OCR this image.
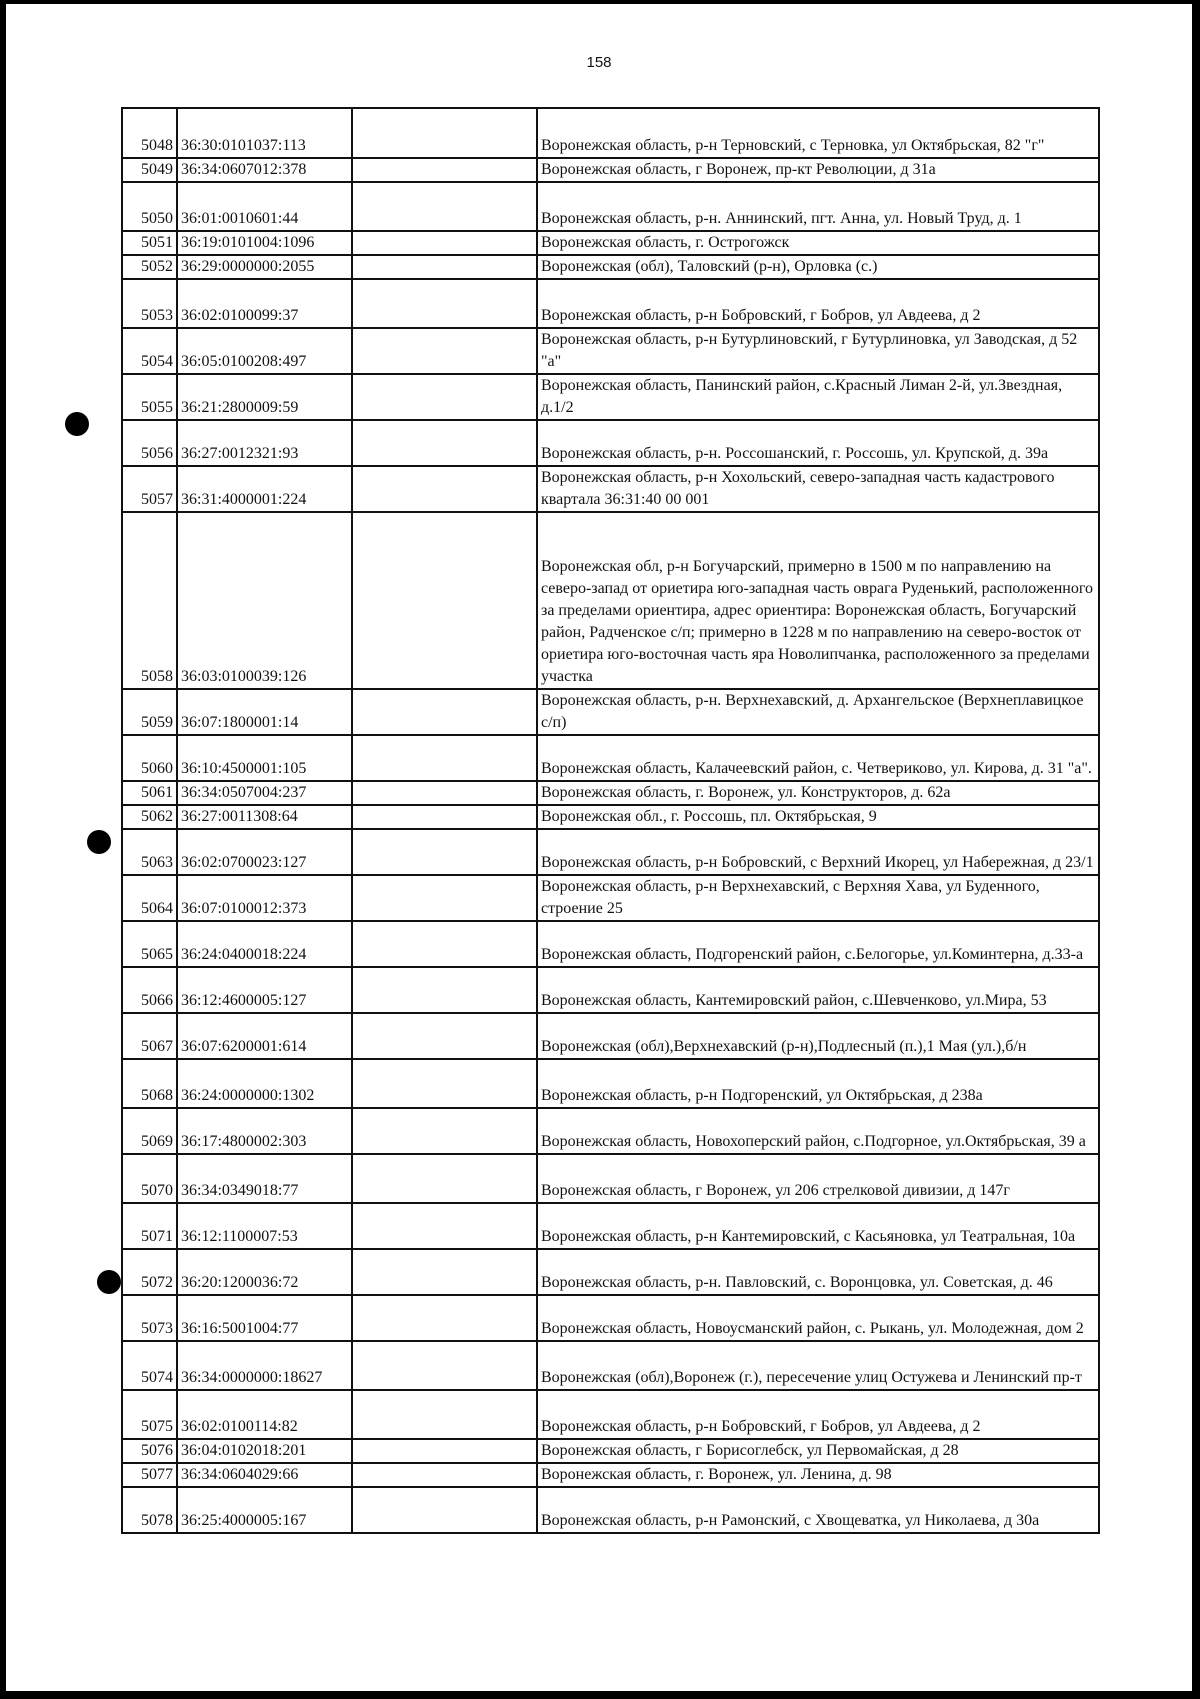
158
5048	36:30:0101037:113		Воронежская область, р-н Терновский, с Терновка, ул Октябрьская, 82 "г"
5049	36:34:0607012:378		Воронежская область, г Воронеж, пр-кт Революции, д 31а
5050	36:01:0010601:44		Воронежская область, р-н. Аннинский, пгт. Анна, ул. Новый Труд, д. 1
5051	36:19:0101004:1096		Воронежская область, г. Острогожск
5052	36:29:0000000:2055		Воронежская (обл), Таловский (р-н), Орловка (с.)
5053	36:02:0100099:37		Воронежская область, р-н Бобровский, г Бобров, ул Авдеева, д 2
5054	36:05:0100208:497		Воронежская область, р-н Бутурлиновский, г Бутурлиновка, ул Заводская, д 52 "а"
5055	36:21:2800009:59		Воронежская область, Панинский район, с.Красный Лиман 2-й, ул.Звездная, д.1/2
5056	36:27:0012321:93		Воронежская область, р-н. Россошанский, г. Россошь, ул. Крупской, д. 39а
5057	36:31:4000001:224		Воронежская область, р-н Хохольский, северо-западная часть кадастрового квартала 36:31:40 00 001
5058	36:03:0100039:126		Воронежская обл, р-н Богучарский, примерно в 1500 м по направлению на северо-запад от ориетира юго-западная часть оврага Руденький, расположенного за пределами ориентира, адрес ориентира: Воронежская область, Богучарский район, Радченское с/п; примерно в 1228 м по направлению на северо-восток от ориетира юго-восточная часть яра Новолипчанка, расположенного за пределами участка
5059	36:07:1800001:14		Воронежская область, р-н. Верхнехавский, д. Архангельское (Верхнеплавицкое с/п)
5060	36:10:4500001:105		Воронежская область, Калачеевский район, с. Четвериково, ул. Кирова, д. 31 "а".
5061	36:34:0507004:237		Воронежская область, г. Воронеж, ул. Конструкторов, д. 62а
5062	36:27:0011308:64		Воронежская обл., г. Россошь, пл. Октябрьская, 9
5063	36:02:0700023:127		Воронежская область, р-н Бобровский, с Верхний Икорец, ул Набережная, д 23/1
5064	36:07:0100012:373		Воронежская область, р-н Верхнехавский, с Верхняя Хава, ул Буденного, строение 25
5065	36:24:0400018:224		Воронежская область, Подгоренский район, с.Белогорье, ул.Коминтерна, д.33-а
5066	36:12:4600005:127		Воронежская область, Кантемировский район, с.Шевченково, ул.Мира, 53
5067	36:07:6200001:614		Воронежская (обл),Верхнехавский (р-н),Подлесный (п.),1 Мая (ул.),б/н
5068	36:24:0000000:1302		Воронежская область, р-н Подгоренский, ул Октябрьская, д 238а
5069	36:17:4800002:303		Воронежская область, Новохоперский район, с.Подгорное, ул.Октябрьская, 39 а
5070	36:34:0349018:77		Воронежская область, г Воронеж, ул 206 стрелковой дивизии, д 147г
5071	36:12:1100007:53		Воронежская область, р-н Кантемировский, с Касьяновка, ул Театральная, 10а
5072	36:20:1200036:72		Воронежская область, р-н. Павловский, с. Воронцовка, ул. Советская, д. 46
5073	36:16:5001004:77		Воронежская область, Новоусманский район, с. Рыкань, ул. Молодежная, дом 2
5074	36:34:0000000:18627		Воронежская (обл),Воронеж (г.), пересечение улиц Остужева и Ленинский пр-т
5075	36:02:0100114:82		Воронежская область, р-н Бобровский, г Бобров, ул Авдеева, д 2
5076	36:04:0102018:201		Воронежская область, г Борисоглебск, ул Первомайская, д 28
5077	36:34:0604029:66		Воронежская область, г. Воронеж, ул. Ленина, д. 98
5078	36:25:4000005:167		Воронежская область, р-н Рамонский, с Хвощеватка, ул Николаева, д 30а
